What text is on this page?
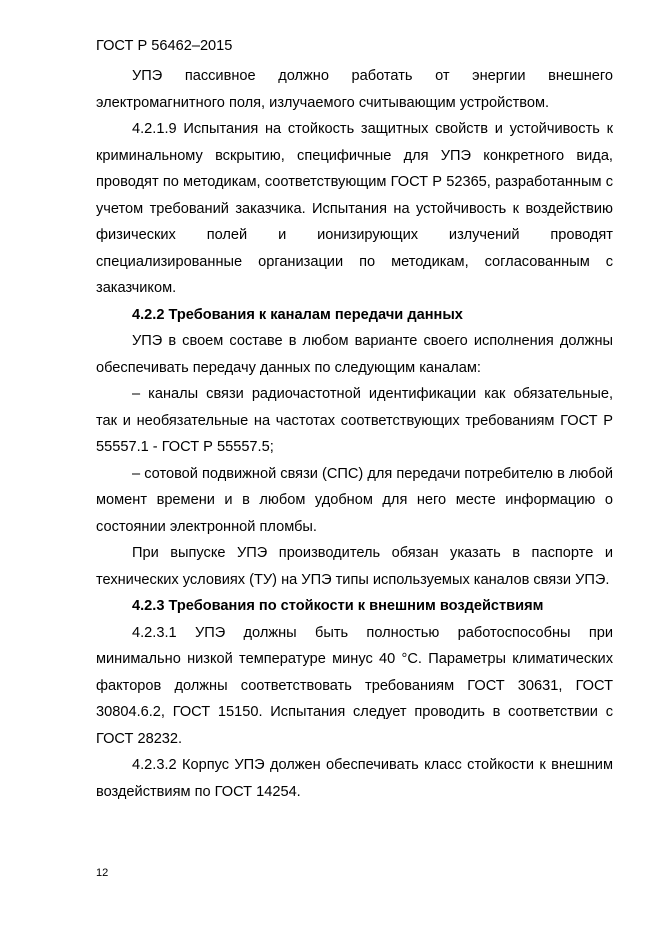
ГОСТ Р 56462–2015

УПЭ пассивное должно работать от энергии внешнего электромагнитного поля, излучаемого считывающим устройством.

4.2.1.9 Испытания на стойкость защитных свойств и устойчивость к криминальному вскрытию, специфичные для УПЭ конкретного вида, проводят по методикам, соответствующим ГОСТ Р 52365, разработанным с учетом требований заказчика. Испытания на устойчивость к воздействию физических полей и ионизирующих излучений проводят специализированные организации по методикам, согласованным с заказчиком.

4.2.2 Требования к каналам передачи данных

УПЭ в своем составе в любом варианте своего исполнения должны обеспечивать передачу данных по следующим каналам:

– каналы связи радиочастотной идентификации как обязательные, так и необязательные на частотах соответствующих требованиям ГОСТ Р 55557.1 - ГОСТ Р 55557.5;

– сотовой подвижной связи (СПС) для передачи потребителю в любой момент времени и в любом удобном для него месте информацию о состоянии электронной пломбы.

При выпуске УПЭ производитель обязан указать в паспорте и технических условиях (ТУ) на УПЭ типы используемых каналов связи УПЭ.

4.2.3 Требования по стойкости к внешним воздействиям

4.2.3.1 УПЭ должны быть полностью работоспособны при минимально низкой температуре минус 40 °С. Параметры климатических факторов должны соответствовать требованиям ГОСТ 30631, ГОСТ 30804.6.2, ГОСТ 15150. Испытания следует проводить в соответствии с ГОСТ 28232.

4.2.3.2 Корпус УПЭ должен обеспечивать класс стойкости к внешним воздействиям по ГОСТ 14254.

12
